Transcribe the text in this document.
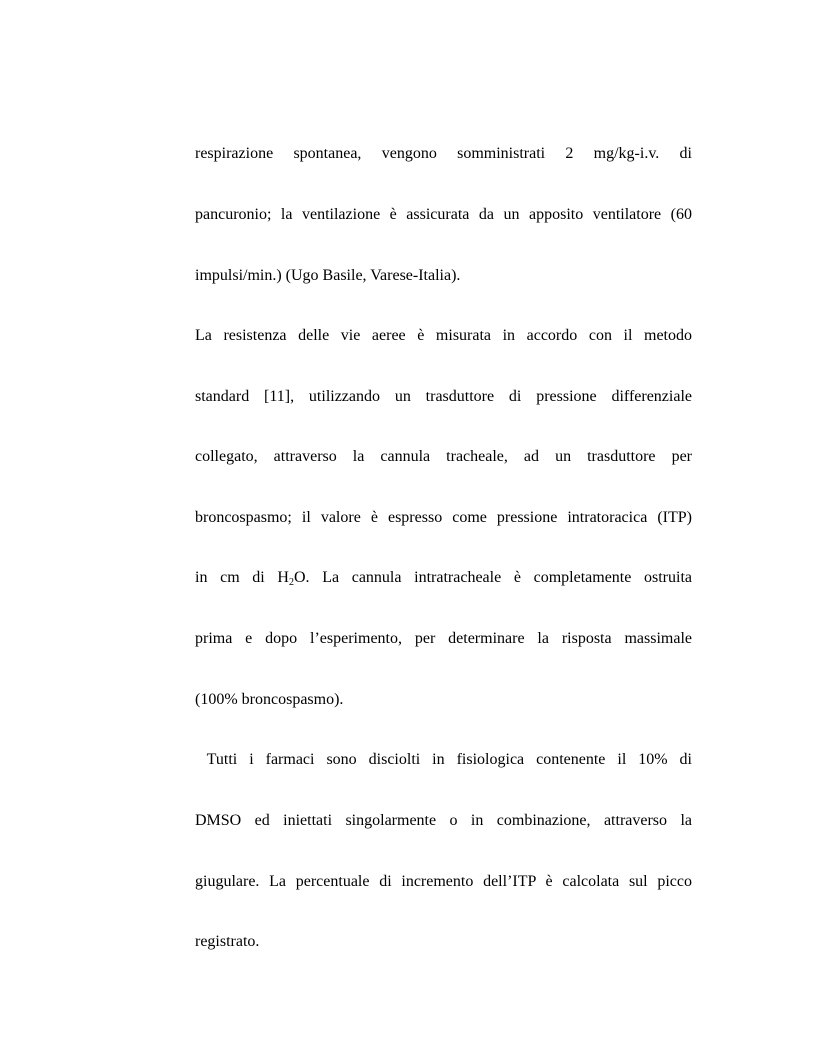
respirazione spontanea, vengono somministrati 2 mg/kg-i.v. di
pancuronio; la ventilazione è assicurata da un apposito ventilatore (60
impulsi/min.) (Ugo Basile, Varese-Italia).
La resistenza delle vie aeree è misurata in accordo con il metodo
standard [11], utilizzando un trasduttore di pressione differenziale
collegato, attraverso la cannula tracheale, ad un trasduttore per
broncospasmo; il valore è espresso come pressione intratoracica (ITP)
in cm di $H_2O$. La cannula intratracheale è completamente ostruita
prima e dopo l’esperimento, per determinare la risposta massimale
(100% broncospasmo).
Tutti i farmaci sono disciolti in fisiologica contenente il 10% di
DMSO ed iniettati singolarmente o in combinazione, attraverso la
giugulare. La percentuale di incremento dell’ITP è calcolata sul picco
registrato.
